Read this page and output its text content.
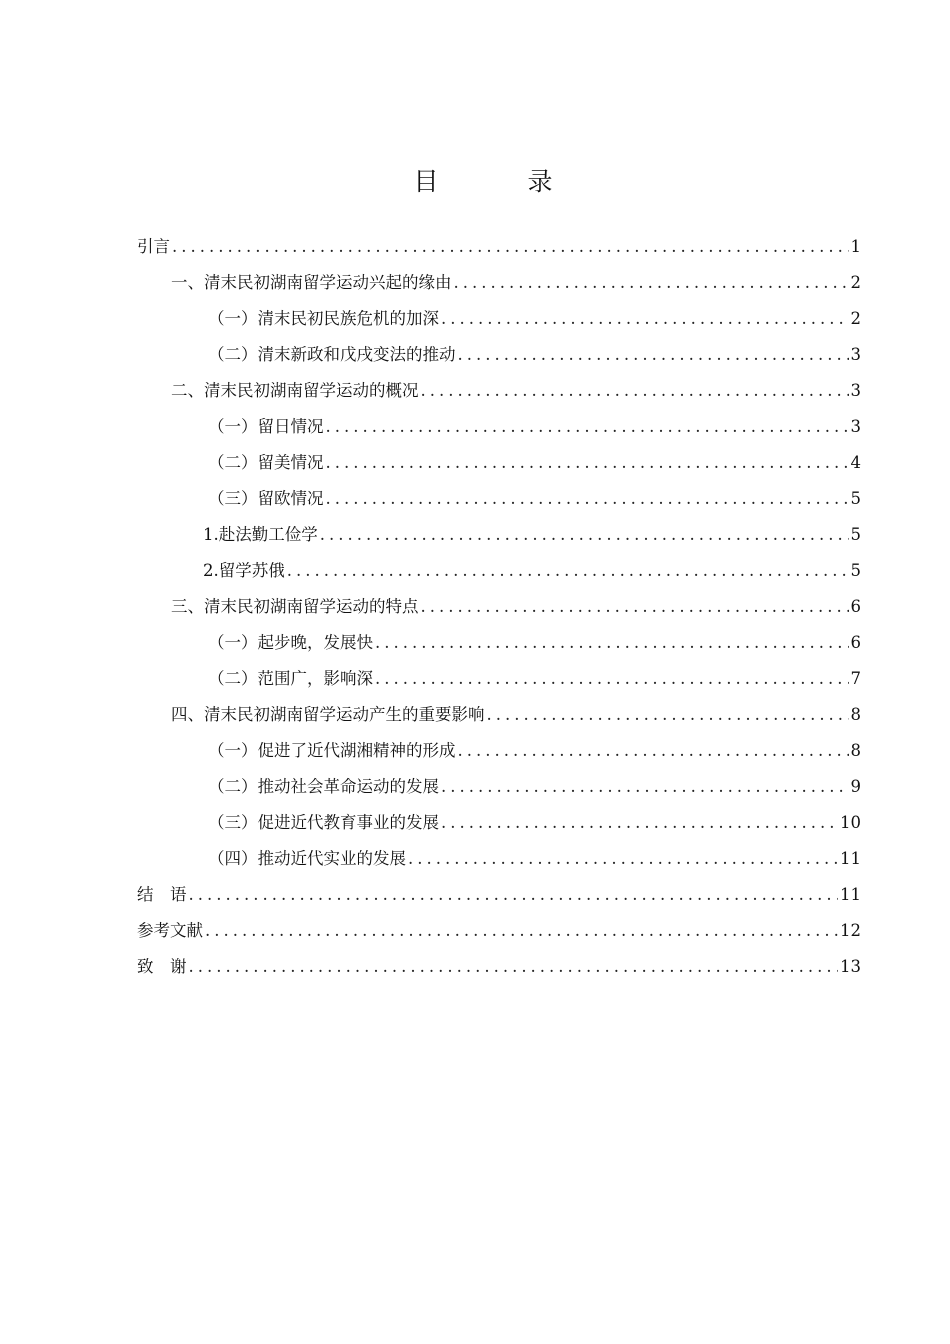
目　录
引言 .....	1
一、清末民初湖南留学运动兴起的缘由 .....	2
（一）清末民初民族危机的加深 .....	2
（二）清末新政和戊戌变法的推动 .....	3
二、清末民初湖南留学运动的概况 .....	3
（一）留日情况 .....	3
（二）留美情况 .....	4
（三）留欧情况 .....	5
1.赴法勤工俭学 .....	5
2.留学苏俄 .....	5
三、清末民初湖南留学运动的特点 .....	6
（一）起步晚，发展快 .....	6
（二）范围广，影响深 .....	7
四、清末民初湖南留学运动产生的重要影响 .....	8
（一）促进了近代湖湘精神的形成 .....	8
（二）推动社会革命运动的发展 .....	9
（三）促进近代教育事业的发展 .....	10
（四）推动近代实业的发展 .....	11
结　语 .....	11
参考文献 .....	12
致　谢 .....	13
